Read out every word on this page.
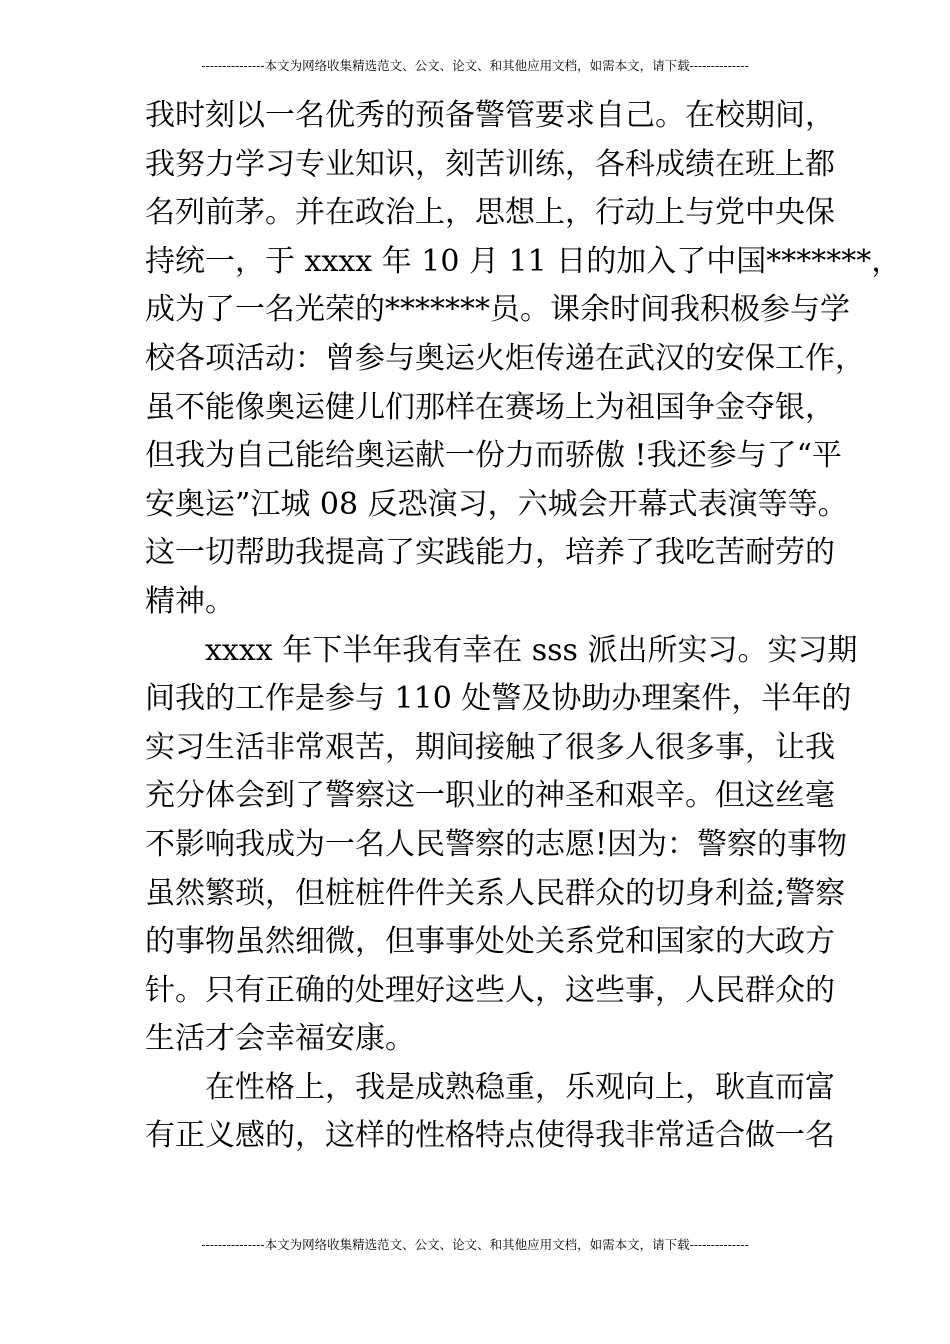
---------------本文为网络收集精选范文、公文、论文、和其他应用文档，如需本文，请下载--------------
我时刻以一名优秀的预备警管要求自己。在校期间，
我努力学习专业知识，刻苦训练，各科成绩在班上都
名列前茅。并在政治上，思想上，行动上与党中央保
持统一，于 xxxx 年 10 月 11 日的加入了中国*******，
成为了一名光荣的*******员。课余时间我积极参与学
校各项活动：曾参与奥运火炬传递在武汉的安保工作，
虽不能像奥运健儿们那样在赛场上为祖国争金夺银，
但我为自己能给奥运献一份力而骄傲 !我还参与了“平
安奥运”江城 08 反恐演习，六城会开幕式表演等等。
这一切帮助我提高了实践能力，培养了我吃苦耐劳的
精神。
xxxx 年下半年我有幸在 sss 派出所实习。实习期
间我的工作是参与 110 处警及协助办理案件，半年的
实习生活非常艰苦，期间接触了很多人很多事，让我
充分体会到了警察这一职业的神圣和艰辛。但这丝毫
不影响我成为一名人民警察的志愿!因为：警察的事物
虽然繁琐，但桩桩件件关系人民群众的切身利益;警察
的事物虽然细微，但事事处处关系党和国家的大政方
针。只有正确的处理好这些人，这些事，人民群众的
生活才会幸福安康。
在性格上，我是成熟稳重，乐观向上，耿直而富
有正义感的，这样的性格特点使得我非常适合做一名
---------------本文为网络收集精选范文、公文、论文、和其他应用文档，如需本文，请下载--------------
